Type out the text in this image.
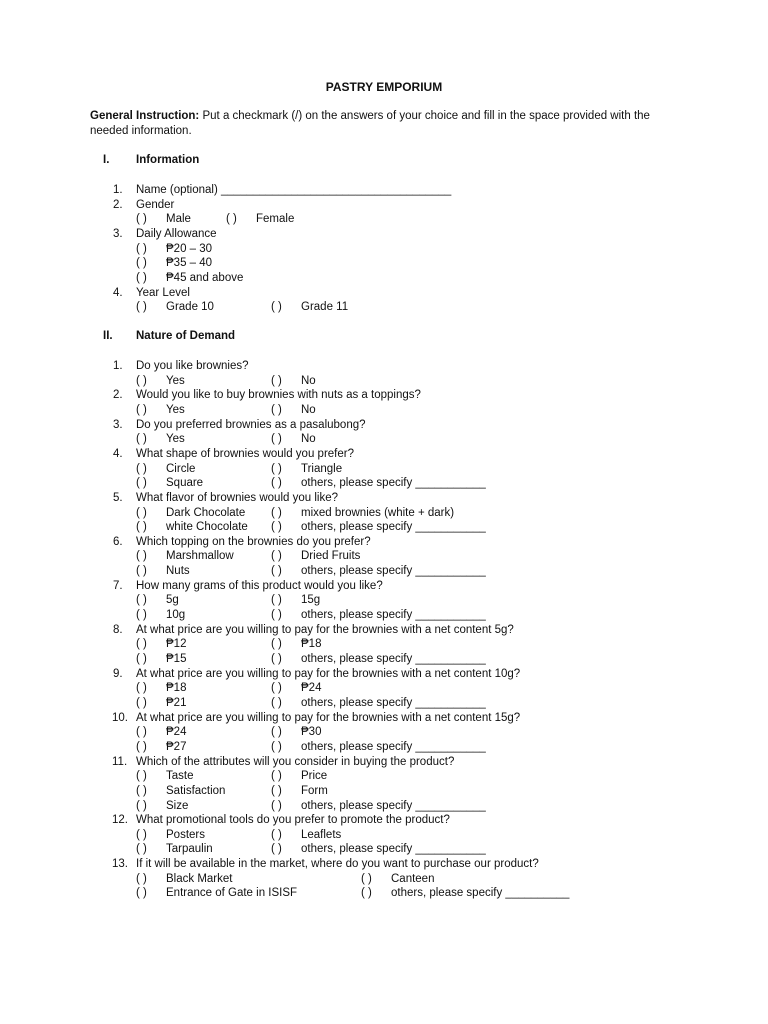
PASTRY EMPORIUM
General Instruction: Put a checkmark (/) on the answers of your choice and fill in the space provided with the needed information.
I. Information
II. Nature of Demand
1.	Name (optional) ____________________________________
2.	Gender
( ) Male	( ) Female
3.	Daily Allowance
( ) ₱20 – 30
( ) ₱35 – 40
( ) ₱45 and above
4.	Year Level
( ) Grade 10	( ) Grade 11
1.	Do you like brownies?
( ) Yes	( ) No
2.	Would you like to buy brownies with nuts as a toppings?
( ) Yes	( ) No
3.	Do you preferred brownies as a pasalubong?
( ) Yes	( ) No
4.	What shape of brownies would you prefer?
( ) Circle	( ) Triangle
( ) Square	( ) others, please specify ___________
5.	What flavor of brownies would you like?
( ) Dark Chocolate ( ) mixed brownies (white + dark)
( ) white Chocolate ( ) others, please specify ___________
6.	Which topping on the brownies do you prefer?
( ) Marshmallow	( ) Dried Fruits
( ) Nuts	( ) others, please specify ___________
7.	How many grams of this product would you like?
( ) 5g	( ) 15g
( ) 10g	( ) others, please specify ___________
8.	At what price are you willing to pay for the brownies with a net content 5g?
( ) ₱12	( ) ₱18
( ) ₱15	( ) others, please specify ___________
9.	At what price are you willing to pay for the brownies with a net content 10g?
( ) ₱18	( ) ₱24
( ) ₱21	( ) others, please specify ___________
10. At what price are you willing to pay for the brownies with a net content 15g?
( ) ₱24	( ) ₱30
( ) ₱27	( ) others, please specify ___________
11. Which of the attributes will you consider in buying the product?
( ) Taste	( ) Price
( ) Satisfaction	( ) Form
( ) Size	( ) others, please specify ___________
12. What promotional tools do you prefer to promote the product?
( ) Posters	( ) Leaflets
( ) Tarpaulin	( ) others, please specify ___________
13. If it will be available in the market, where do you want to purchase our product?
( ) Black Market	( ) Canteen
( ) Entrance of Gate in ISISF	( ) others, please specify __________
